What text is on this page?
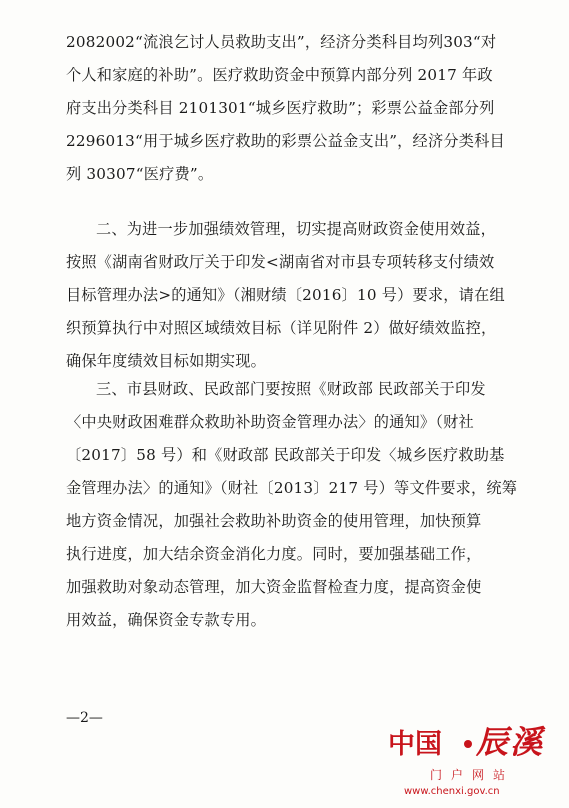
2082002“流浪乞讨人员救助支出”，经济分类科目均列303“对
个人和家庭的补助”。医疗救助资金中预算内部分列 2017 年政
府支出分类科目 2101301“城乡医疗救助”；彩票公益金部分列
2296013“用于城乡医疗救助的彩票公益金支出”，经济分类科目
列 30307“医疗费”。
二、为进一步加强绩效管理，切实提高财政资金使用效益，
按照《湖南省财政厅关于印发<湖南省对市县专项转移支付绩效
目标管理办法>的通知》（湘财绩〔2016〕10 号）要求，请在组
织预算执行中对照区域绩效目标（详见附件 2）做好绩效监控，
确保年度绩效目标如期实现。
三、市县财政、民政部门要按照《财政部 民政部关于印发
〈中央财政困难群众救助补助资金管理办法〉的通知》（财社
〔2017〕58 号）和《财政部 民政部关于印发〈城乡医疗救助基
金管理办法〉的通知》（财社〔2013〕217 号）等文件要求，统筹
地方资金情况，加强社会救助补助资金的使用管理，加快预算
执行进度，加大结余资金消化力度。同时，要加强基础工作，
加强救助对象动态管理，加大资金监督检查力度，提高资金使
用效益，确保资金专款专用。
—2—
中国 辰溪
门户网站
www.chenxi.gov.cn
